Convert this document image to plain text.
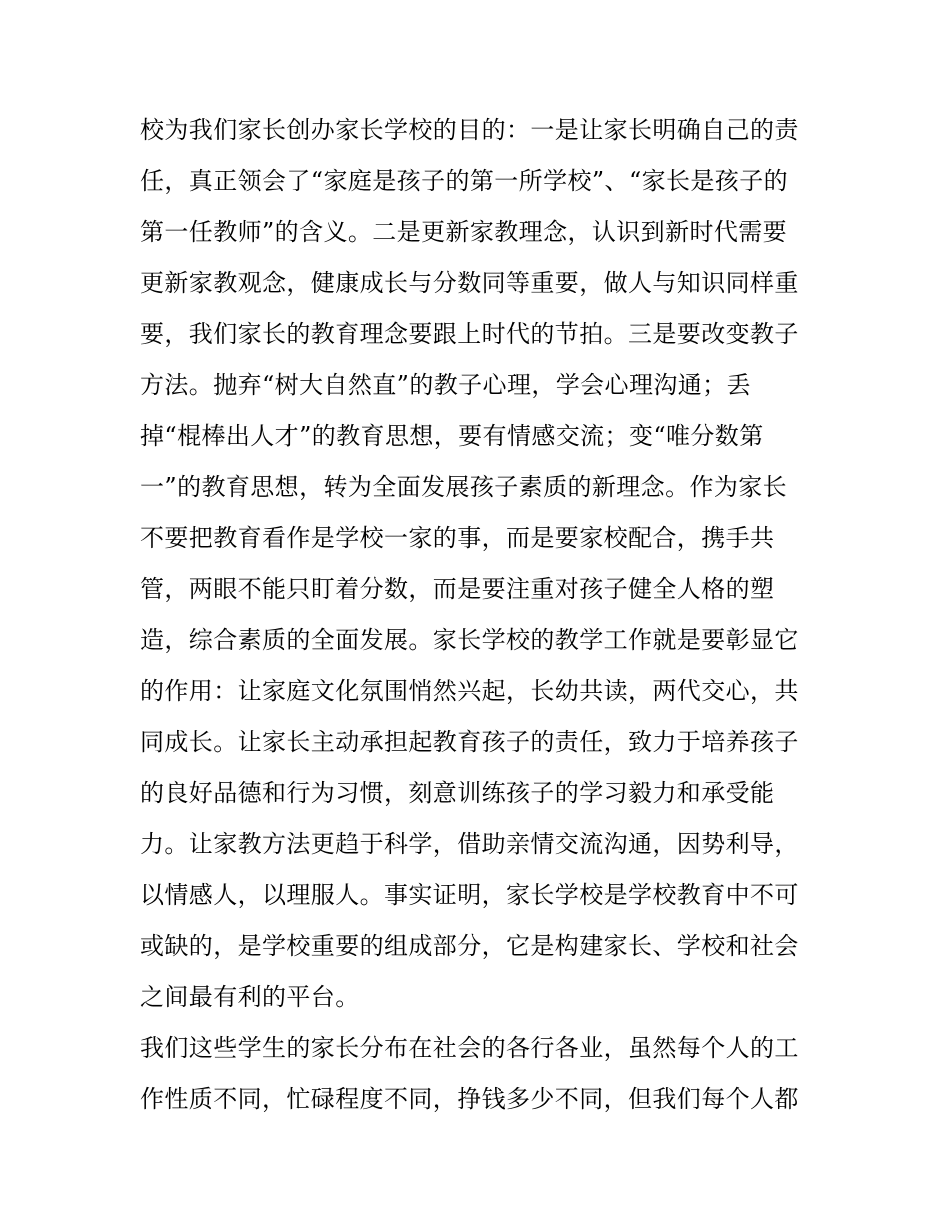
校为我们家长创办家长学校的目的：一是让家长明确自己的责
任，真正领会了“家庭是孩子的第一所学校”、“家长是孩子的
第一任教师”的含义。二是更新家教理念，认识到新时代需要
更新家教观念，健康成长与分数同等重要，做人与知识同样重
要，我们家长的教育理念要跟上时代的节拍。三是要改变教子
方法。抛弃“树大自然直”的教子心理，学会心理沟通；丢
掉“棍棒出人才”的教育思想，要有情感交流；变“唯分数第
一”的教育思想，转为全面发展孩子素质的新理念。作为家长
不要把教育看作是学校一家的事，而是要家校配合，携手共
管，两眼不能只盯着分数，而是要注重对孩子健全人格的塑
造，综合素质的全面发展。家长学校的教学工作就是要彰显它
的作用：让家庭文化氛围悄然兴起，长幼共读，两代交心，共
同成长。让家长主动承担起教育孩子的责任，致力于培养孩子
的良好品德和行为习惯，刻意训练孩子的学习毅力和承受能
力。让家教方法更趋于科学，借助亲情交流沟通，因势利导，
以情感人，以理服人。事实证明，家长学校是学校教育中不可
或缺的，是学校重要的组成部分，它是构建家长、学校和社会
之间最有利的平台。
我们这些学生的家长分布在社会的各行各业，虽然每个人的工
作性质不同，忙碌程度不同，挣钱多少不同，但我们每个人都
